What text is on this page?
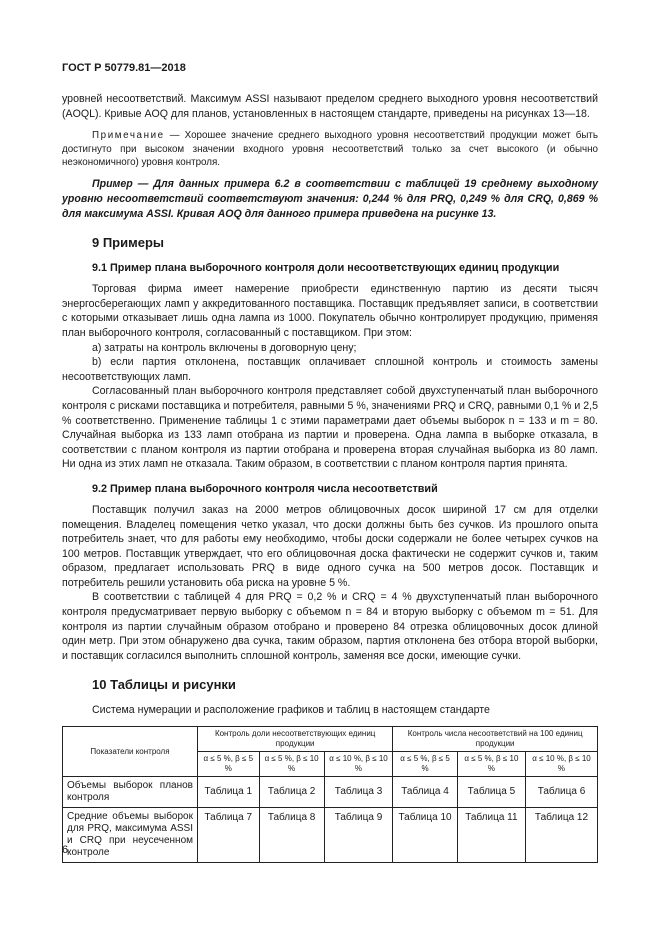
ГОСТ Р 50779.81—2018

уровней несоответствий. Максимум ASSI называют пределом среднего выходного уровня несоответствий (AOQL). Кривые AOQ для планов, установленных в настоящем стандарте, приведены на рисунках 13—18.

Примечание — Хорошее значение среднего выходного уровня несоответствий продукции может быть достигнуто при высоком значении входного уровня несоответствий только за счет высокого (и обычно неэкономичного) уровня контроля.

Пример — Для данных примера 6.2 в соответствии с таблицей 19 среднему выходному уровню несоответствий соответствуют значения: 0,244 % для PRQ, 0,249 % для CRQ, 0,869 % для максимума ASSI. Кривая AOQ для данного примера приведена на рисунке 13.

9 Примеры
9.1 Пример плана выборочного контроля доли несоответствующих единиц продукции

Торговая фирма имеет намерение приобрести единственную партию из десяти тысяч энергосберегающих ламп у аккредитованного поставщика. Поставщик предъявляет записи, в соответствии с которыми отказывает лишь одна лампа из 1000. Покупатель обычно контролирует продукцию, применяя план выборочного контроля, согласованный с поставщиком. При этом:

a) затраты на контроль включены в договорную цену;

b) если партия отклонена, поставщик оплачивает сплошной контроль и стоимость замены несоответствующих ламп.

Согласованный план выборочного контроля представляет собой двухступенчатый план выборочного контроля с рисками поставщика и потребителя, равными 5 %, значениями PRQ и CRQ, равными 0,1 % и 2,5 % соответственно. Применение таблицы 1 с этими параметрами дает объемы выборок n = 133 и m = 80. Случайная выборка из 133 ламп отобрана из партии и проверена. Одна лампа в выборке отказала, в соответствии с планом контроля из партии отобрана и проверена вторая случайная выборка из 80 ламп. Ни одна из этих ламп не отказала. Таким образом, в соответствии с планом контроля партия принята.

9.2 Пример плана выборочного контроля числа несоответствий

Поставщик получил заказ на 2000 метров облицовочных досок шириной 17 см для отделки помещения. Владелец помещения четко указал, что доски должны быть без сучков. Из прошлого опыта потребитель знает, что для работы ему необходимо, чтобы доски содержали не более четырех сучков на 100 метров. Поставщик утверждает, что его облицовочная доска фактически не содержит сучков и, таким образом, предлагает использовать PRQ в виде одного сучка на 500 метров досок. Поставщик и потребитель решили установить оба риска на уровне 5 %.

В соответствии с таблицей 4 для PRQ = 0,2 % и CRQ = 4 % двухступенчатый план выборочного контроля предусматривает первую выборку с объемом n = 84 и вторую выборку с объемом m = 51. Для контроля из партии случайным образом отобрано и проверено 84 отрезка облицовочных досок длиной один метр. При этом обнаружено два сучка, таким образом, партия отклонена без отбора второй выборки, и поставщик согласился выполнить сплошной контроль, заменяя все доски, имеющие сучки.

10 Таблицы и рисунки

Система нумерации и расположение графиков и таблиц в настоящем стандарте

Показатели контроля	Контроль доли несоответствующих единиц продукции			Контроль числа несоответствий на 100 единиц продукции		
	α ≤ 5 %, β ≤ 5 %	α ≤ 5 %, β ≤ 10 %	α ≤ 10 %, β ≤ 10 %	α ≤ 5 %, β ≤ 5 %	α ≤ 5 %, β ≤ 10 %	α ≤ 10 %, β ≤ 10 %
Объемы выборок планов контроля	Таблица 1	Таблица 2	Таблица 3	Таблица 4	Таблица 5	Таблица 6
Средние объемы выборок для PRQ, максимума ASSI и CRQ при неусеченном контроле	Таблица 7	Таблица 8	Таблица 9	Таблица 10	Таблица 11	Таблица 12
6
